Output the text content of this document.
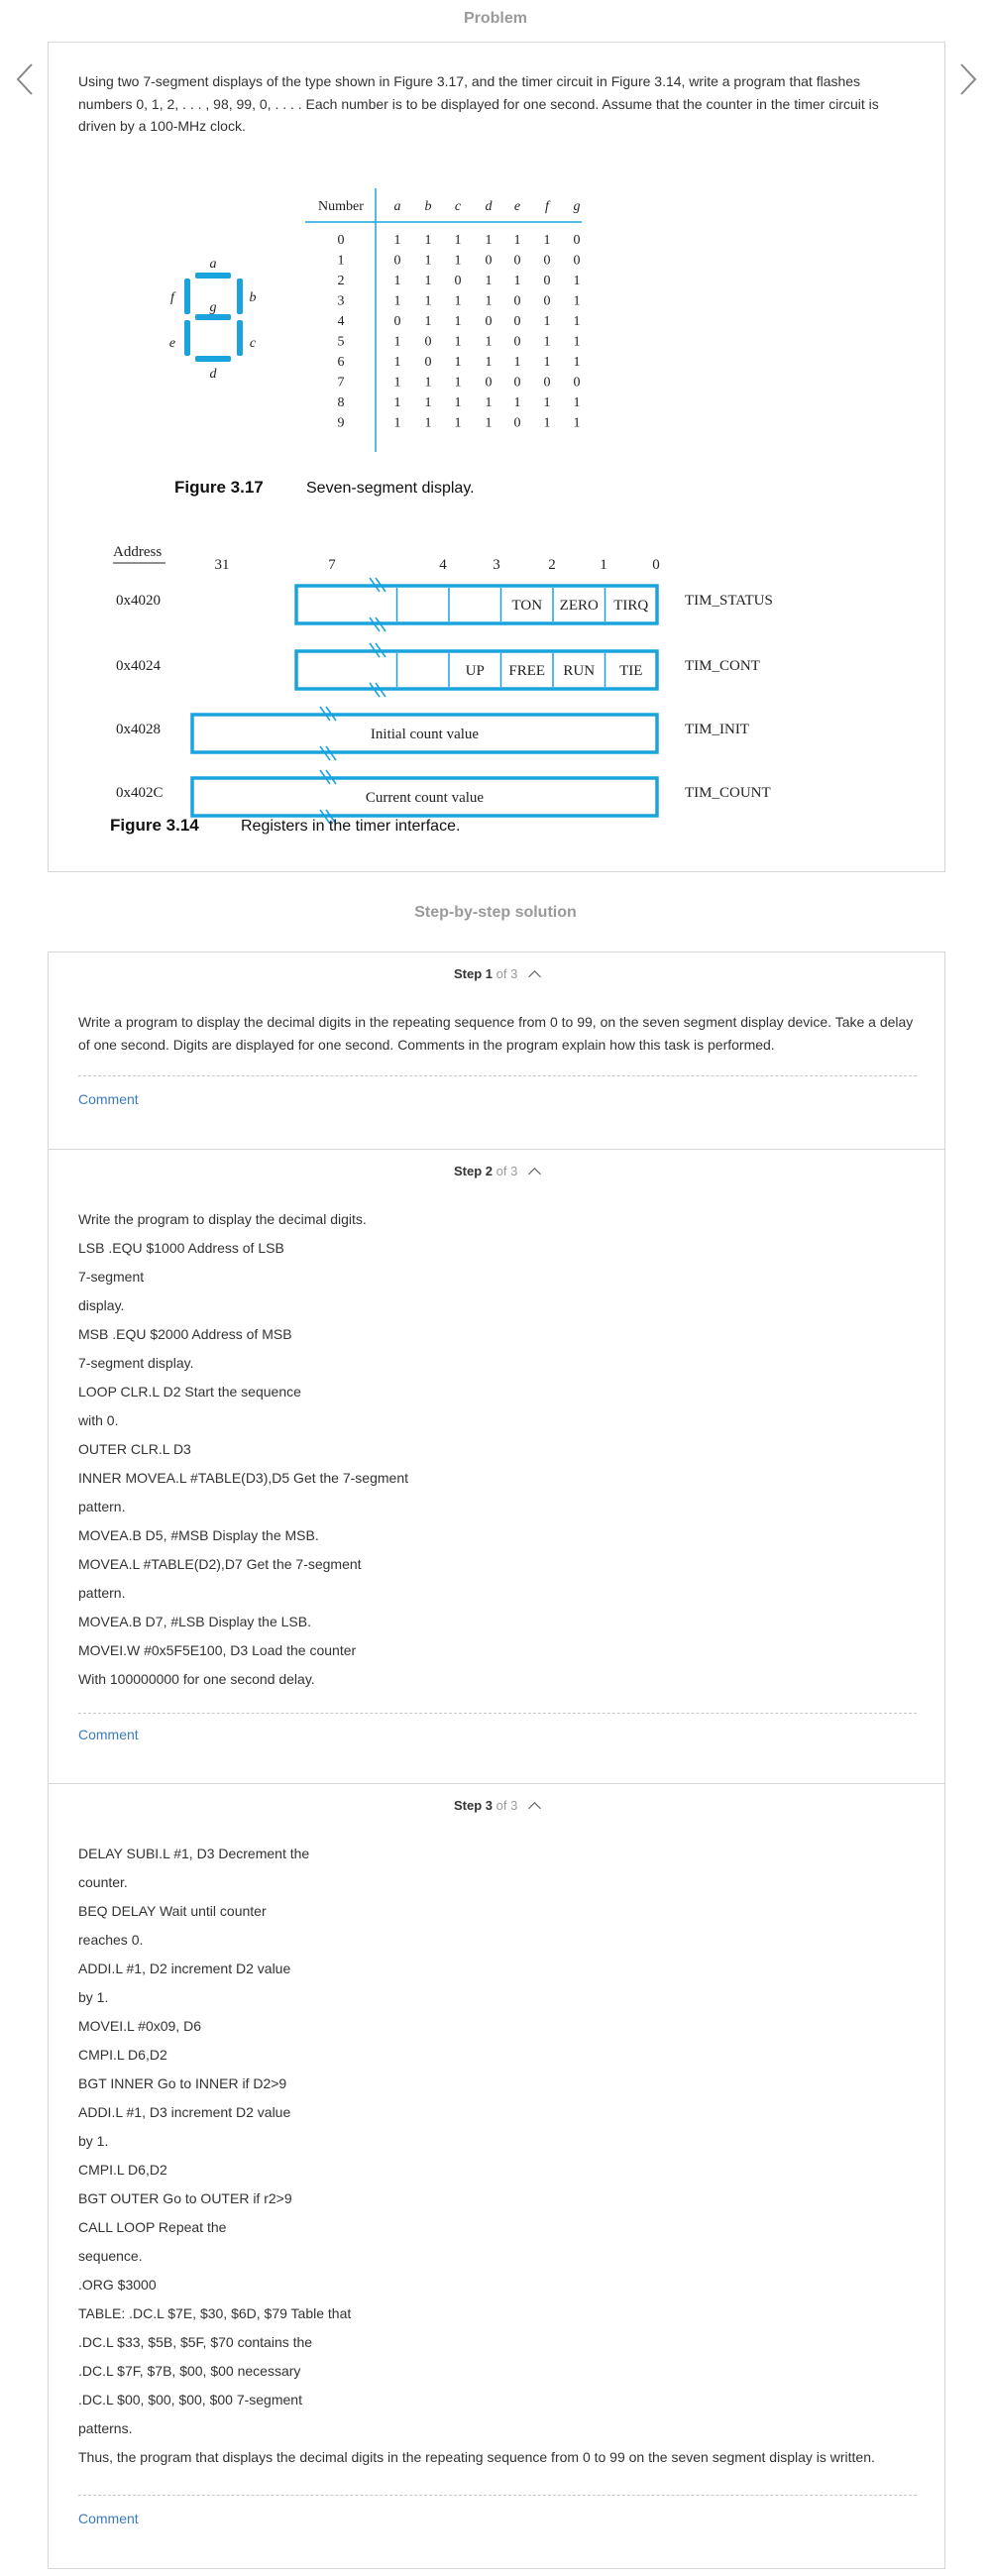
Problem

Using two 7-segment displays of the type shown in Figure 3.17, and the timer circuit in Figure 3.14, write a program that flashes numbers 0, 1, 2, . . . , 98, 99, 0, . . . . Each number is to be displayed for one second. Assume that the counter in the timer circuit is driven by a 100-MHz clock.

a
b
c
d
e
f
g
Number a b c d e f g
0	1 1 1 1 1 1 0
1	0 1 1 0 0 0 0
2	1 1 0 1 1 0 1
3	1 1 1 1 0 0 1
4	0 1 1 0 0 1 1
5	1 0 1 1 0 1 1
6	1 0 1 1 1 1 1
7	1 1 1 0 0 0 0
8	1 1 1 1 1 1 1
9	1 1 1 1 0 1 1
Figure 3.17	Seven-segment display.
Address
31	7	4	3	2	1	0
0x4020	TIM_STATUS
TON ZERO TIRQ
0x4024	TIM_CONT
UP FREE RUN TIE
0x4028	TIM_INIT
Initial count value
0x402C	TIM_COUNT
Current count value
Figure 3.14	Registers in the timer interface.
Step-by-step solution
Step 1 of 3

Write a program to display the decimal digits in the repeating sequence from 0 to 99, on the seven segment display device. Take a delay of one second. Digits are displayed for one second. Comments in the program explain how this task is performed.

Comment
Step 2 of 3
Write the program to display the decimal digits.
LSB .EQU $1000 Address of LSB
7-segment
display.
MSB .EQU $2000 Address of MSB
7-segment display.
LOOP CLR.L D2 Start the sequence
with 0.
OUTER CLR.L D3
INNER MOVEA.L #TABLE(D3),D5 Get the 7-segment
pattern.
MOVEA.B D5, #MSB Display the MSB.
MOVEA.L #TABLE(D2),D7 Get the 7-segment
pattern.
MOVEA.B D7, #LSB Display the LSB.
MOVEI.W #0x5F5E100, D3 Load the counter
With 100000000 for one second delay.
Comment
Step 3 of 3
DELAY SUBI.L #1, D3 Decrement the
counter.
BEQ DELAY Wait until counter
reaches 0.
ADDI.L #1, D2 increment D2 value
by 1.
MOVEI.L #0x09, D6
CMPI.L D6,D2
BGT INNER Go to INNER if D2>9
ADDI.L #1, D3 increment D2 value
by 1.
CMPI.L D6,D2
BGT OUTER Go to OUTER if r2>9
CALL LOOP Repeat the
sequence.
.ORG $3000
TABLE: .DC.L $7E, $30, $6D, $79 Table that
.DC.L $33, $5B, $5F, $70 contains the
.DC.L $7F, $7B, $00, $00 necessary
.DC.L $00, $00, $00, $00 7-segment
patterns.
Thus, the program that displays the decimal digits in the repeating sequence from 0 to 99 on the seven segment display is written.
Comment
